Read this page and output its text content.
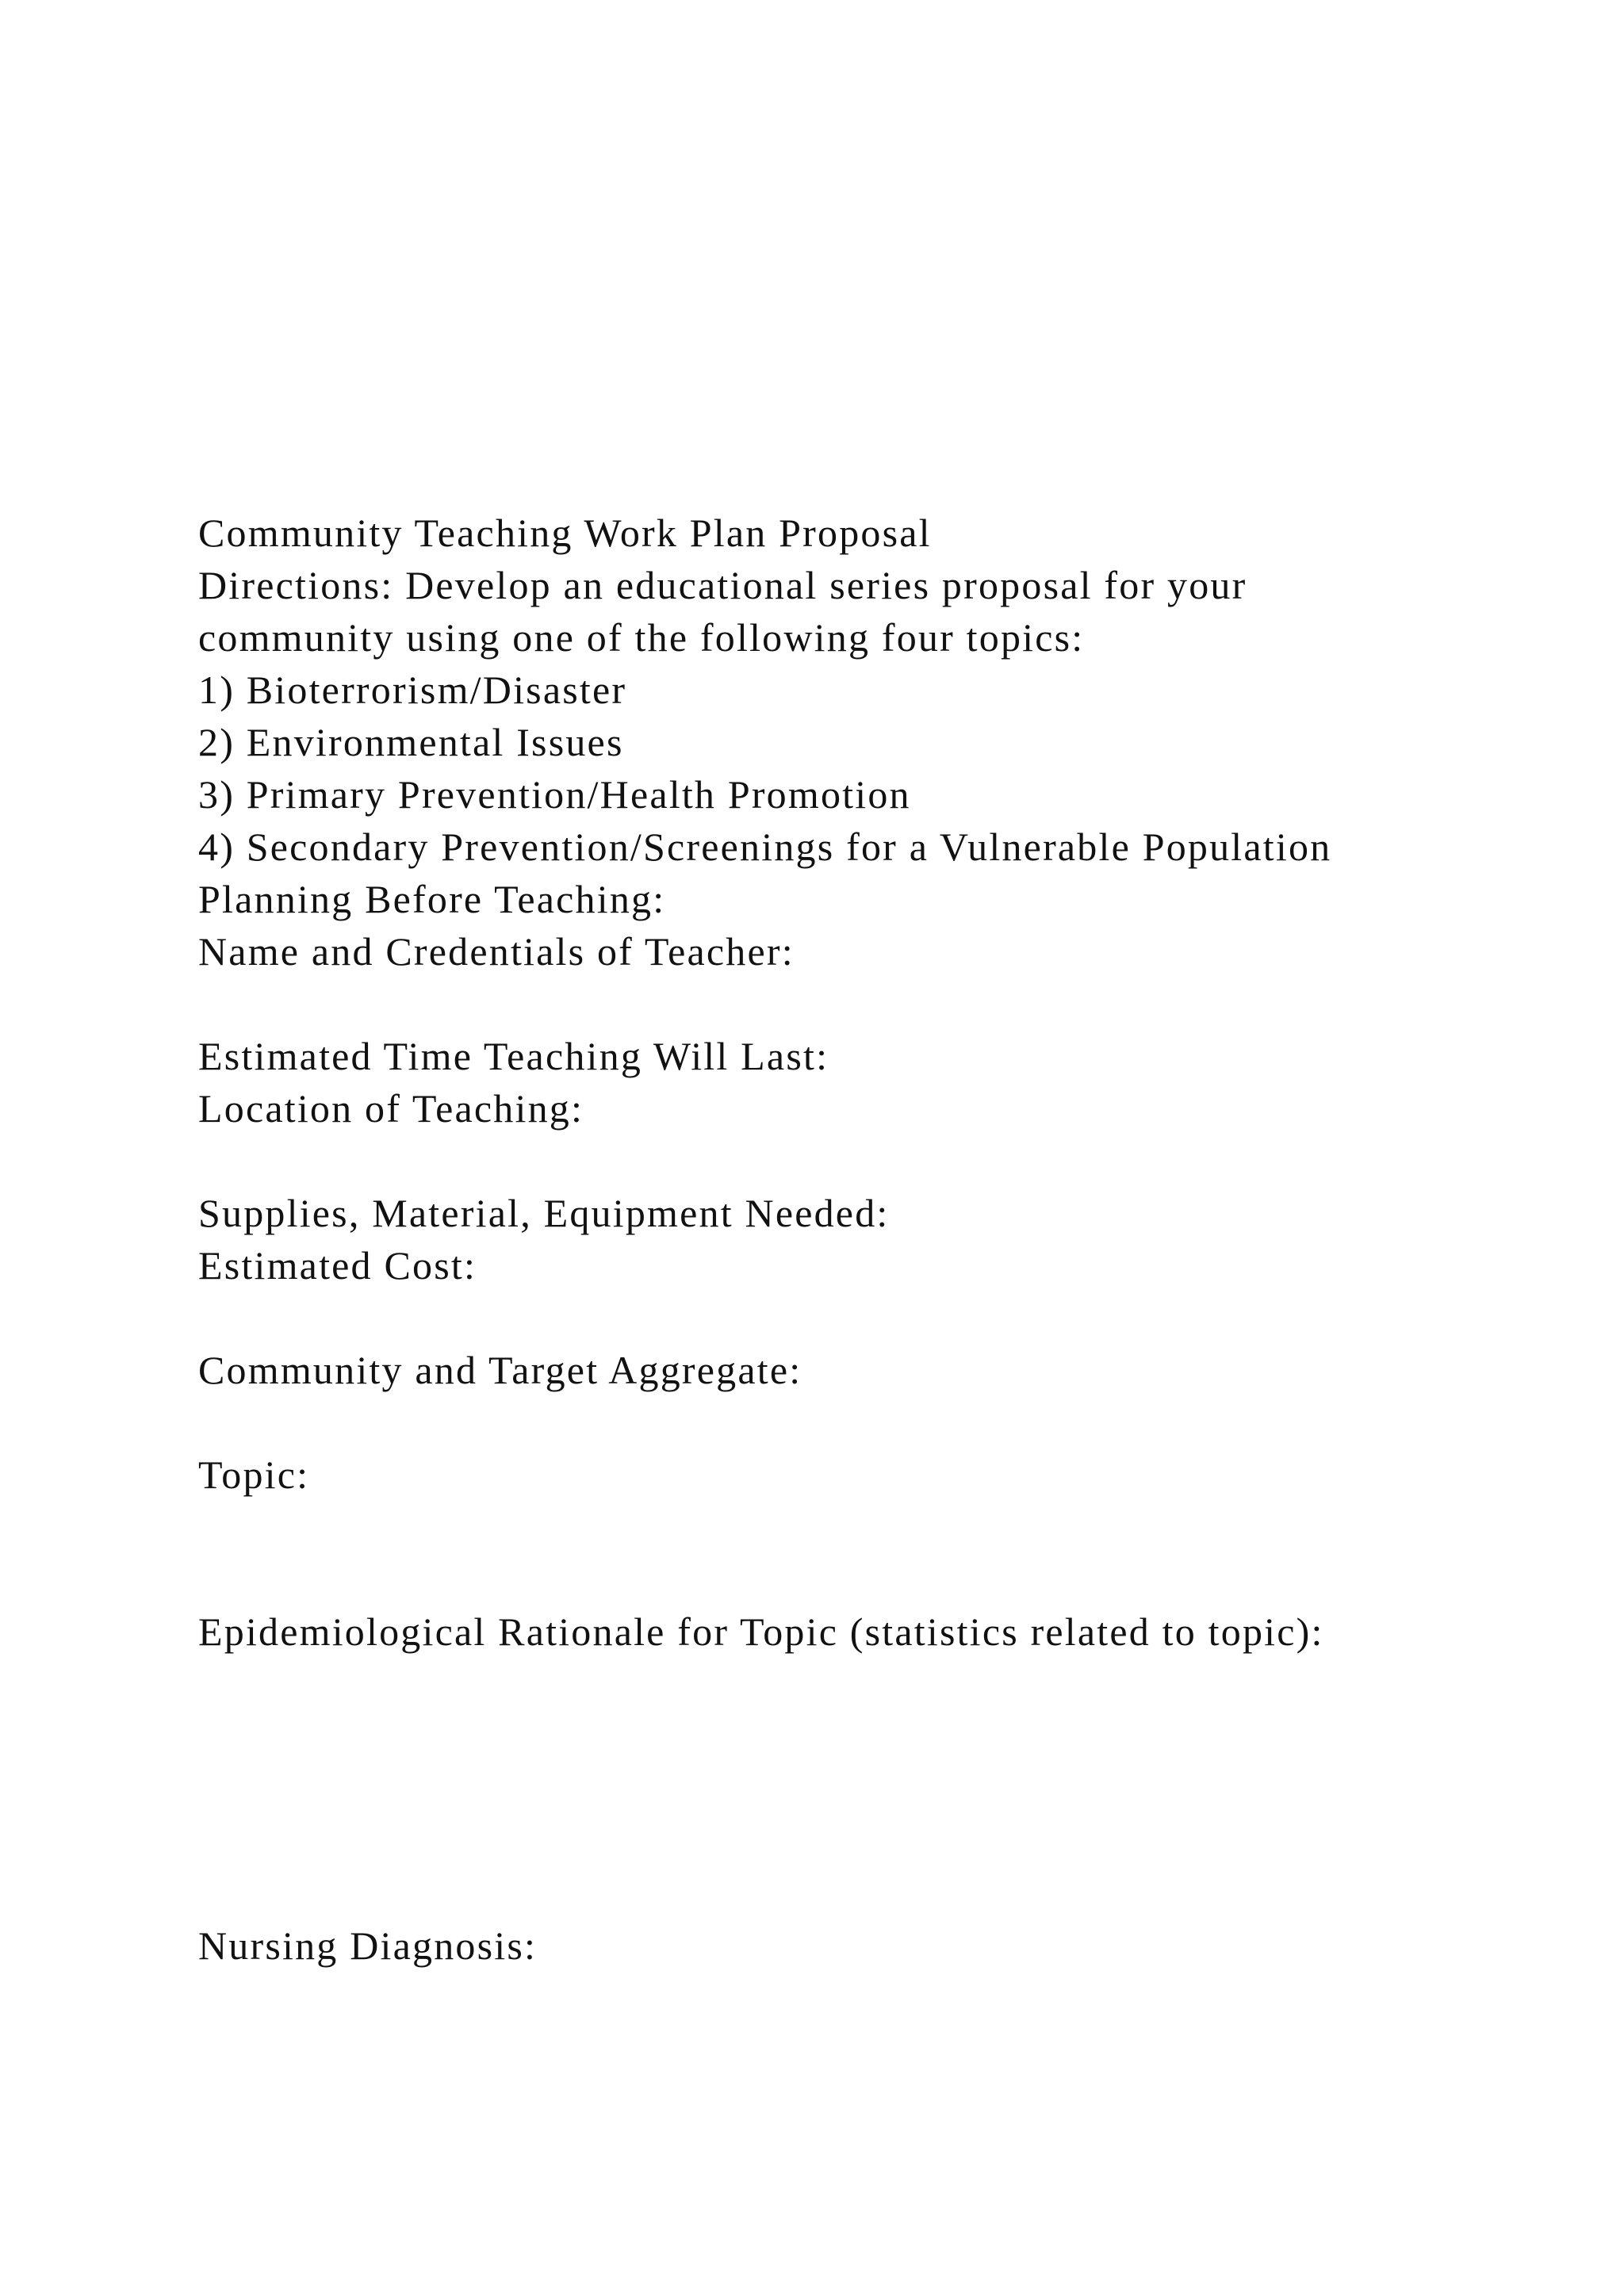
Community Teaching Work Plan Proposal
Directions: Develop an educational series proposal for your
community using one of the following four topics:
1) Bioterrorism/Disaster
2) Environmental Issues
3) Primary Prevention/Health Promotion
4) Secondary Prevention/Screenings for a Vulnerable Population
Planning Before Teaching:
Name and Credentials of Teacher:
Estimated Time Teaching Will Last:
Location of Teaching:
Supplies, Material, Equipment Needed:
Estimated Cost:
Community and Target Aggregate:
Topic:
Epidemiological Rationale for Topic (statistics related to topic):
Nursing Diagnosis:
